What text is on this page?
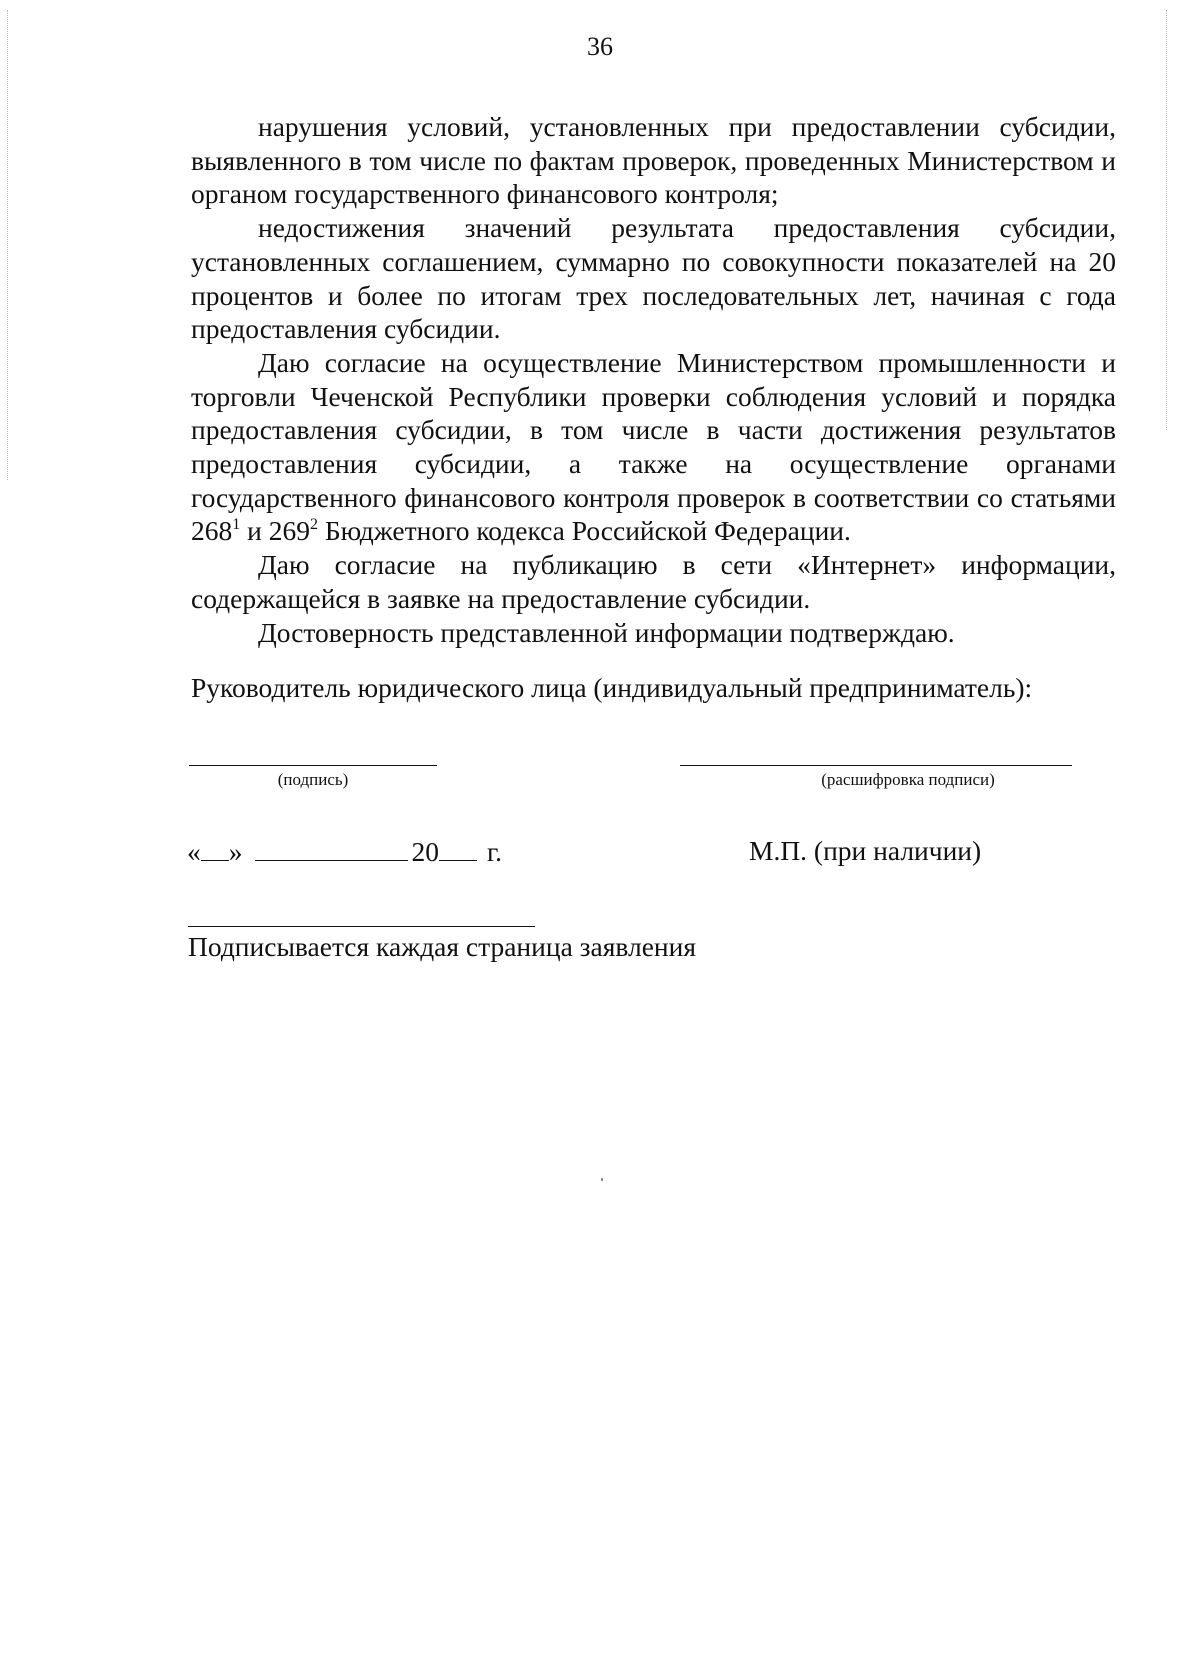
36

нарушения условий, установленных при предоставлении субсидии, выявленного в том числе по фактам проверок, проведенных Министерством и органом государственного финансового контроля;

недостижения значений результата предоставления субсидии, установленных соглашением, суммарно по совокупности показателей на 20 процентов и более по итогам трех последовательных лет, начиная с года предоставления субсидии.

Даю согласие на осуществление Министерством промышленности и торговли Чеченской Республики проверки соблюдения условий и порядка предоставления субсидии, в том числе в части достижения результатов предоставления субсидии, а также на осуществление органами государственного финансового контроля проверок в соответствии со статьями $268^1$ и $269^2$ Бюджетного кодекса Российской Федерации.

Даю согласие на публикацию в сети «Интернет» информации, содержащейся в заявке на предоставление субсидии.

Достоверность представленной информации подтверждаю.

Руководитель юридического лица (индивидуальный предприниматель):
(подпись)	(расшифровка подписи)
« »	20 г.	М.П. (при наличии)
Подписывается каждая страница заявления
